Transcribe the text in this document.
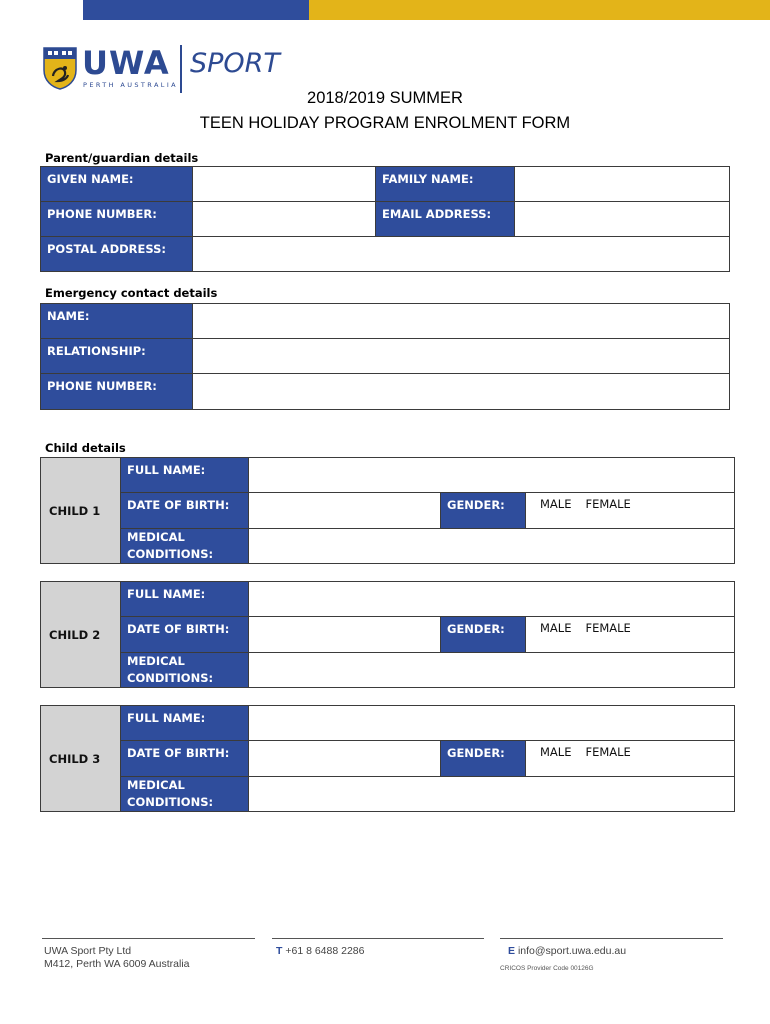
UWA
PERTH AUSTRALIA
SPORT
2018/2019 SUMMER
TEEN HOLIDAY PROGRAM ENROLMENT FORM
Parent/guardian details
GIVEN NAME:	FAMILY NAME:
PHONE NUMBER:	EMAIL ADDRESS:
POSTAL ADDRESS:
Emergency contact details
NAME:
RELATIONSHIP:
PHONE NUMBER:
Child details
CHILD 1
FULL NAME:
DATE OF BIRTH:	GENDER:	MALE FEMALE
MEDICAL
CONDITIONS:
CHILD 2
FULL NAME:
DATE OF BIRTH:	GENDER:	MALE FEMALE
MEDICAL
CONDITIONS:
CHILD 3
FULL NAME:
DATE OF BIRTH:	GENDER:	MALE FEMALE
MEDICAL
CONDITIONS:
UWA Sport Pty Ltd
M412, Perth WA 6009 Australia
T +61 8 6488 2286	E info@sport.uwa.edu.au
CRICOS Provider Code 00126G
